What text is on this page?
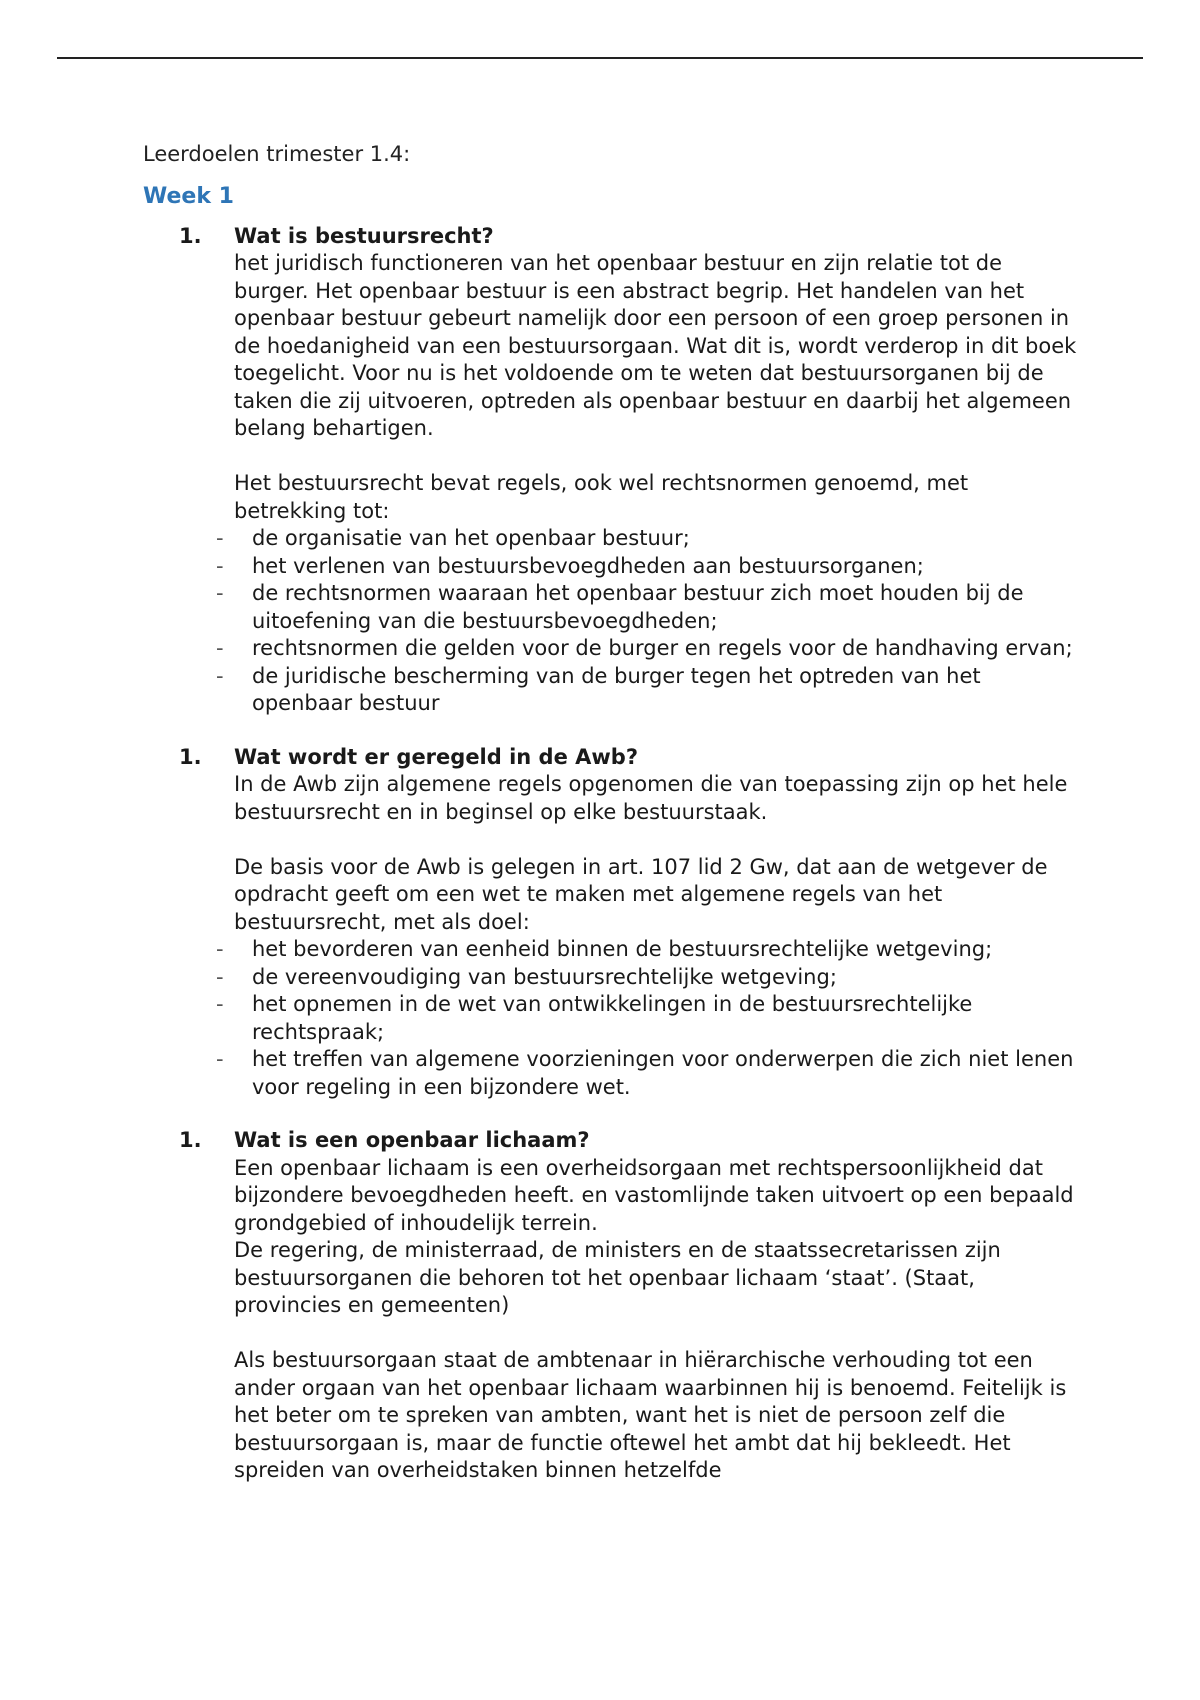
Leerdoelen trimester 1.4:

Week 1
1. Wat is bestuursrecht?

het juridisch functioneren van het openbaar bestuur en zijn relatie tot de burger. Het openbaar bestuur is een abstract begrip. Het handelen van het openbaar bestuur gebeurt namelijk door een persoon of een groep personen in de hoedanigheid van een bestuursorgaan. Wat dit is, wordt verderop in dit boek toegelicht. Voor nu is het voldoende om te weten dat bestuursorganen bij de taken die zij uitvoeren, optreden als openbaar bestuur en daarbij het algemeen belang behartigen.

Het bestuursrecht bevat regels, ook wel rechtsnormen genoemd, met betrekking tot:

- de organisatie van het openbaar bestuur;
- het verlenen van bestuursbevoegdheden aan bestuursorganen;
- de rechtsnormen waaraan het openbaar bestuur zich moet houden bij de uitoefening van die bestuursbevoegdheden;
- rechtsnormen die gelden voor de burger en regels voor de handhaving ervan;
- de juridische bescherming van de burger tegen het optreden van het openbaar bestuur
1. Wat wordt er geregeld in de Awb?

In de Awb zijn algemene regels opgenomen die van toepassing zijn op het hele bestuursrecht en in beginsel op elke bestuurstaak.

De basis voor de Awb is gelegen in art. 107 lid 2 Gw, dat aan de wetgever de opdracht geeft om een wet te maken met algemene regels van het bestuursrecht, met als doel:

- het bevorderen van eenheid binnen de bestuursrechtelijke wetgeving;
- de vereenvoudiging van bestuursrechtelijke wetgeving;
- het opnemen in de wet van ontwikkelingen in de bestuursrechtelijke rechtspraak;
- het treffen van algemene voorzieningen voor onderwerpen die zich niet lenen voor regeling in een bijzondere wet.
1. Wat is een openbaar lichaam?

Een openbaar lichaam is een overheidsorgaan met rechtspersoonlijkheid dat bijzondere bevoegdheden heeft. en vastomlijnde taken uitvoert op een bepaald grondgebied of inhoudelijk terrein.

De regering, de ministerraad, de ministers en de staatssecretarissen zijn bestuursorganen die behoren tot het openbaar lichaam ‘staat’. (Staat, provincies en gemeenten)

Als bestuursorgaan staat de ambtenaar in hiërarchische verhouding tot een ander orgaan van het openbaar lichaam waarbinnen hij is benoemd. Feitelijk is het beter om te spreken van ambten, want het is niet de persoon zelf die bestuursorgaan is, maar de functie oftewel het ambt dat hij bekleedt. Het spreiden van overheidstaken binnen hetzelfde
